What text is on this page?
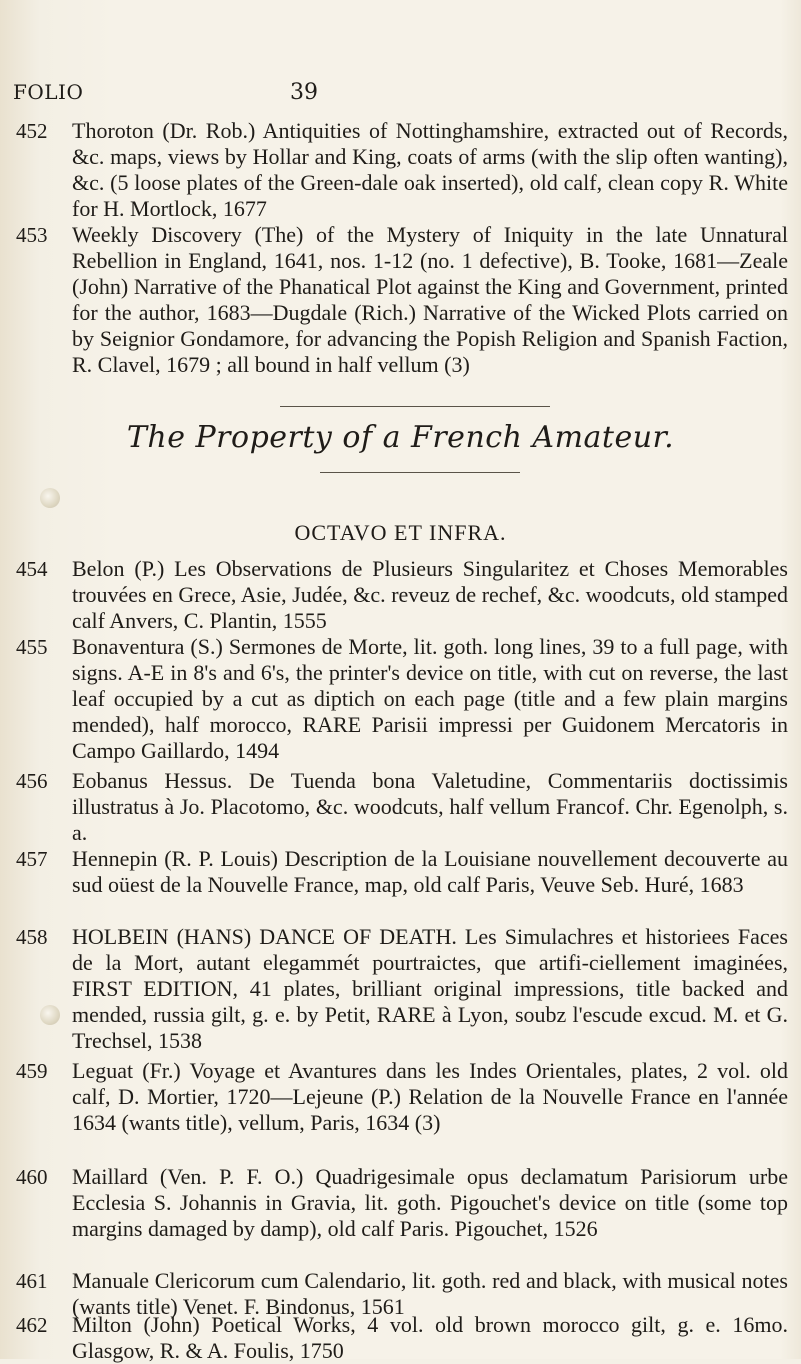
FOLIO	39
452	Thoroton (Dr. Rob.) Antiquities of Nottinghamshire, extracted out of Records, &c. maps, views by Hollar and King, coats of arms (with the slip often wanting), &c. (5 loose plates of the Green-dale oak inserted), old calf, clean copy R. White for H. Mortlock, 1677
453	Weekly Discovery (The) of the Mystery of Iniquity in the late Unnatural Rebellion in England, 1641, nos. 1-12 (no. 1 defective), B. Tooke, 1681—Zeale (John) Narrative of the Phanatical Plot against the King and Government, printed for the author, 1683—Dugdale (Rich.) Narrative of the Wicked Plots carried on by Seignior Gondamore, for advancing the Popish Religion and Spanish Faction, R. Clavel, 1679 ; all bound in half vellum (3)
The Property of a French Amateur.
OCTAVO ET INFRA.
454	Belon (P.) Les Observations de Plusieurs Singularitez et Choses Memorables trouvées en Grece, Asie, Judée, &c. reveuz de rechef, &c. woodcuts, old stamped calf Anvers, C. Plantin, 1555
455	Bonaventura (S.) Sermones de Morte, lit. goth. long lines, 39 to a full page, with signs. A-E in 8's and 6's, the printer's device on title, with cut on reverse, the last leaf occupied by a cut as diptich on each page (title and a few plain margins mended), half morocco, RARE Parisii impressi per Guidonem Mercatoris in Campo Gaillardo, 1494
456	Eobanus Hessus. De Tuenda bona Valetudine, Commentariis doctissimis illustratus à Jo. Placotomo, &c. woodcuts, half vellum Francof. Chr. Egenolph, s. a.
457	Hennepin (R. P. Louis) Description de la Louisiane nouvellement decouverte au sud oüest de la Nouvelle France, map, old calf Paris, Veuve Seb. Huré, 1683
458	HOLBEIN (HANS) DANCE OF DEATH. Les Simulachres et historiees Faces de la Mort, autant elegammét pourtraictes, que artifi-ciellement imaginées, FIRST EDITION, 41 plates, brilliant original impressions, title backed and mended, russia gilt, g. e. by Petit, RARE à Lyon, soubz l'escude excud. M. et G. Trechsel, 1538
459	Leguat (Fr.) Voyage et Avantures dans les Indes Orientales, plates, 2 vol. old calf, D. Mortier, 1720—Lejeune (P.) Relation de la Nouvelle France en l'année 1634 (wants title), vellum, Paris, 1634 (3)
460	Maillard (Ven. P. F. O.) Quadrigesimale opus declamatum Parisiorum urbe Ecclesia S. Johannis in Gravia, lit. goth. Pigouchet's device on title (some top margins damaged by damp), old calf Paris. Pigouchet, 1526
461	Manuale Clericorum cum Calendario, lit. goth. red and black, with musical notes (wants title) Venet. F. Bindonus, 1561
462	Milton (John) Poetical Works, 4 vol. old brown morocco gilt, g. e. 16mo. Glasgow, R. & A. Foulis, 1750
